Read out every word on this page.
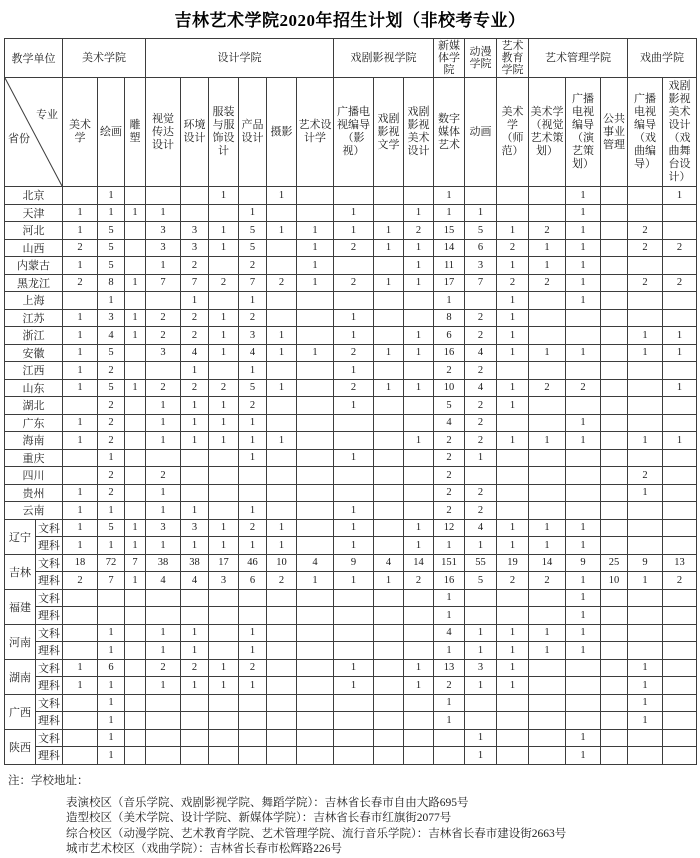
吉林艺术学院2020年招生计划（非校考专业）
教学单位		美术学院			设计学院						戏剧影视学院			新媒体学院	动漫学院	艺术教育学院	艺术管理学院			戏曲学院	

专业
省份		美术学	绘画	雕塑	视觉传达设计	环境设计	服装与服饰设计	产品设计	摄影	艺术设计学	广播电视编导（影视）	戏剧影视文学	戏剧影视美术设计	数字媒体艺术	动画	美术学（师范）	美术学（视觉艺术策划）	广播电视编导（演艺策划）	公共事业管理	广播电视编导（戏曲编导）	戏剧影视美术设计（戏曲舞台设计）
北京			1				1		1					1				1			1
天津		1	1	1	1			1			1		1	1	1			1			
河北		1	5		3	3	1	5	1	1	1	1	2	15	5	1	2	1		2	
山西		2	5		3	3	1	5		1	2	1	1	14	6	2	1	1		2	2
内蒙古		1	5		1	2		2		1			1	11	3	1	1	1			
黑龙江		2	8	1	7	7	2	7	2	1	2	1	1	17	7	2	2	1		2	2
上海			1			1		1						1		1		1			
江苏		1	3	1	2	2	1	2			1			8	2	1					
浙江		1	4	1	2	2	1	3	1		1		1	6	2	1				1	1
安徽		1	5		3	4	1	4	1	1	2	1	1	16	4	1	1	1		1	1
江西		1	2			1		1			1			2	2						
山东		1	5	1	2	2	2	5	1		2	1	1	10	4	1	2	2			1
湖北			2		1	1	1	2			1			5	2	1					
广东		1	2		1	1	1	1						4	2			1			
海南		1	2		1	1	1	1	1				1	2	2	1	1	1		1	1
重庆			1					1			1			2	1						
四川			2		2									2						2	
贵州		1	2		1									2	2					1	
云南		1	1		1	1		1			1			2	2						
辽宁	文科	1	5	1	3	3	1	2	1		1		1	12	4	1	1	1			
	理科	1	1	1	1	1	1	1	1		1		1	1	1	1	1	1			
吉林	文科	18	72	7	38	38	17	46	10	4	9	4	14	151	55	19	14	9	25	9	13
	理科	2	7	1	4	4	3	6	2	1	1	1	2	16	5	2	2	1	10	1	2
福建	文科													1				1			
	理科													1				1			
河南	文科		1		1	1		1						4	1	1	1	1			
	理科		1		1	1		1						1	1	1	1	1			
湖南	文科	1	6		2	2	1	2			1		1	13	3	1				1	
	理科	1	1		1	1	1	1			1		1	2	1	1				1	
广西	文科		1											1						1	
	理科		1											1						1	
陕西	文科		1												1			1			
	理科		1												1			1			
注：学校地址：
表演校区（音乐学院、戏剧影视学院、舞蹈学院）：吉林省长春市自由大路695号
造型校区（美术学院、设计学院、新媒体学院）：吉林省长春市红旗街2077号
综合校区（动漫学院、艺术教育学院、艺术管理学院、流行音乐学院）：吉林省长春市建设街2663号
城市艺术校区（戏曲学院）：吉林省长春市松辉路226号
